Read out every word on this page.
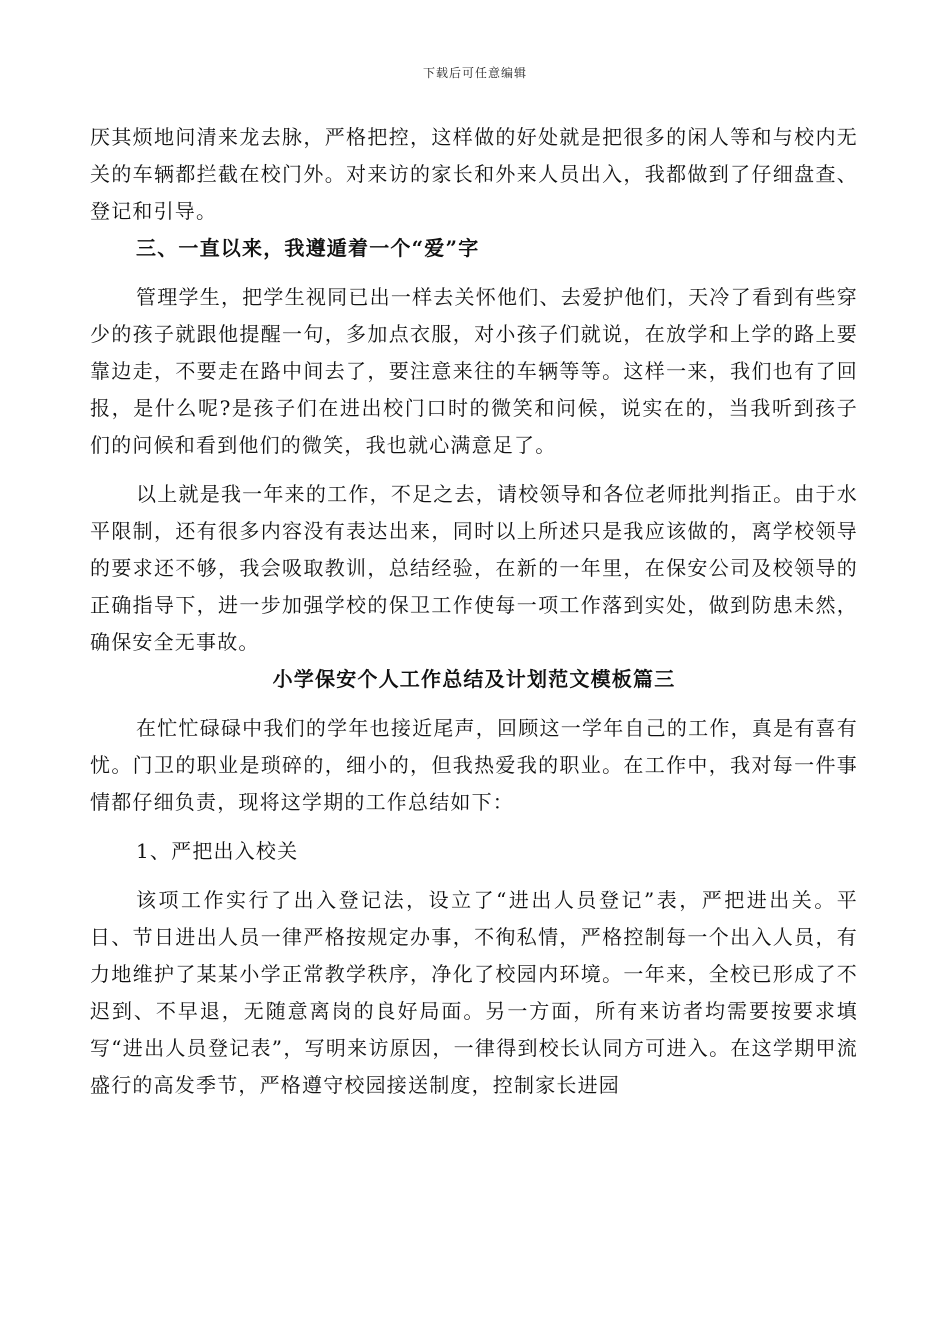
下载后可任意编辑

厌其烦地问清来龙去脉，严格把控，这样做的好处就是把很多的闲人等和与校内无关的车辆都拦截在校门外。对来访的家长和外来人员出入，我都做到了仔细盘查、登记和引导。

三、一直以来，我遵遁着一个“爱”字

管理学生，把学生视同已出一样去关怀他们、去爱护他们，天冷了看到有些穿少的孩子就跟他提醒一句，多加点衣服，对小孩子们就说，在放学和上学的路上要靠边走，不要走在路中间去了，要注意来往的车辆等等。这样一来，我们也有了回报，是什么呢?是孩子们在进出校门口时的微笑和问候，说实在的，当我听到孩子们的问候和看到他们的微笑，我也就心满意足了。

以上就是我一年来的工作，不足之去，请校领导和各位老师批判指正。由于水平限制，还有很多内容没有表达出来，同时以上所述只是我应该做的，离学校领导的要求还不够，我会吸取教训，总结经验，在新的一年里，在保安公司及校领导的正确指导下，进一步加强学校的保卫工作使每一项工作落到实处，做到防患未然，确保安全无事故。

小学保安个人工作总结及计划范文模板篇三

在忙忙碌碌中我们的学年也接近尾声，回顾这一学年自己的工作，真是有喜有忧。门卫的职业是琐碎的，细小的，但我热爱我的职业。在工作中，我对每一件事情都仔细负责，现将这学期的工作总结如下：

1、严把出入校关

该项工作实行了出入登记法，设立了“进出人员登记”表，严把进出关。平日、节日进出人员一律严格按规定办事，不徇私情，严格控制每一个出入人员，有力地维护了某某小学正常教学秩序，净化了校园内环境。一年来，全校已形成了不迟到、不早退，无随意离岗的良好局面。另一方面，所有来访者均需要按要求填写“进出人员登记表”，写明来访原因，一律得到校长认同方可进入。在这学期甲流盛行的高发季节，严格遵守校园接送制度，控制家长进园
